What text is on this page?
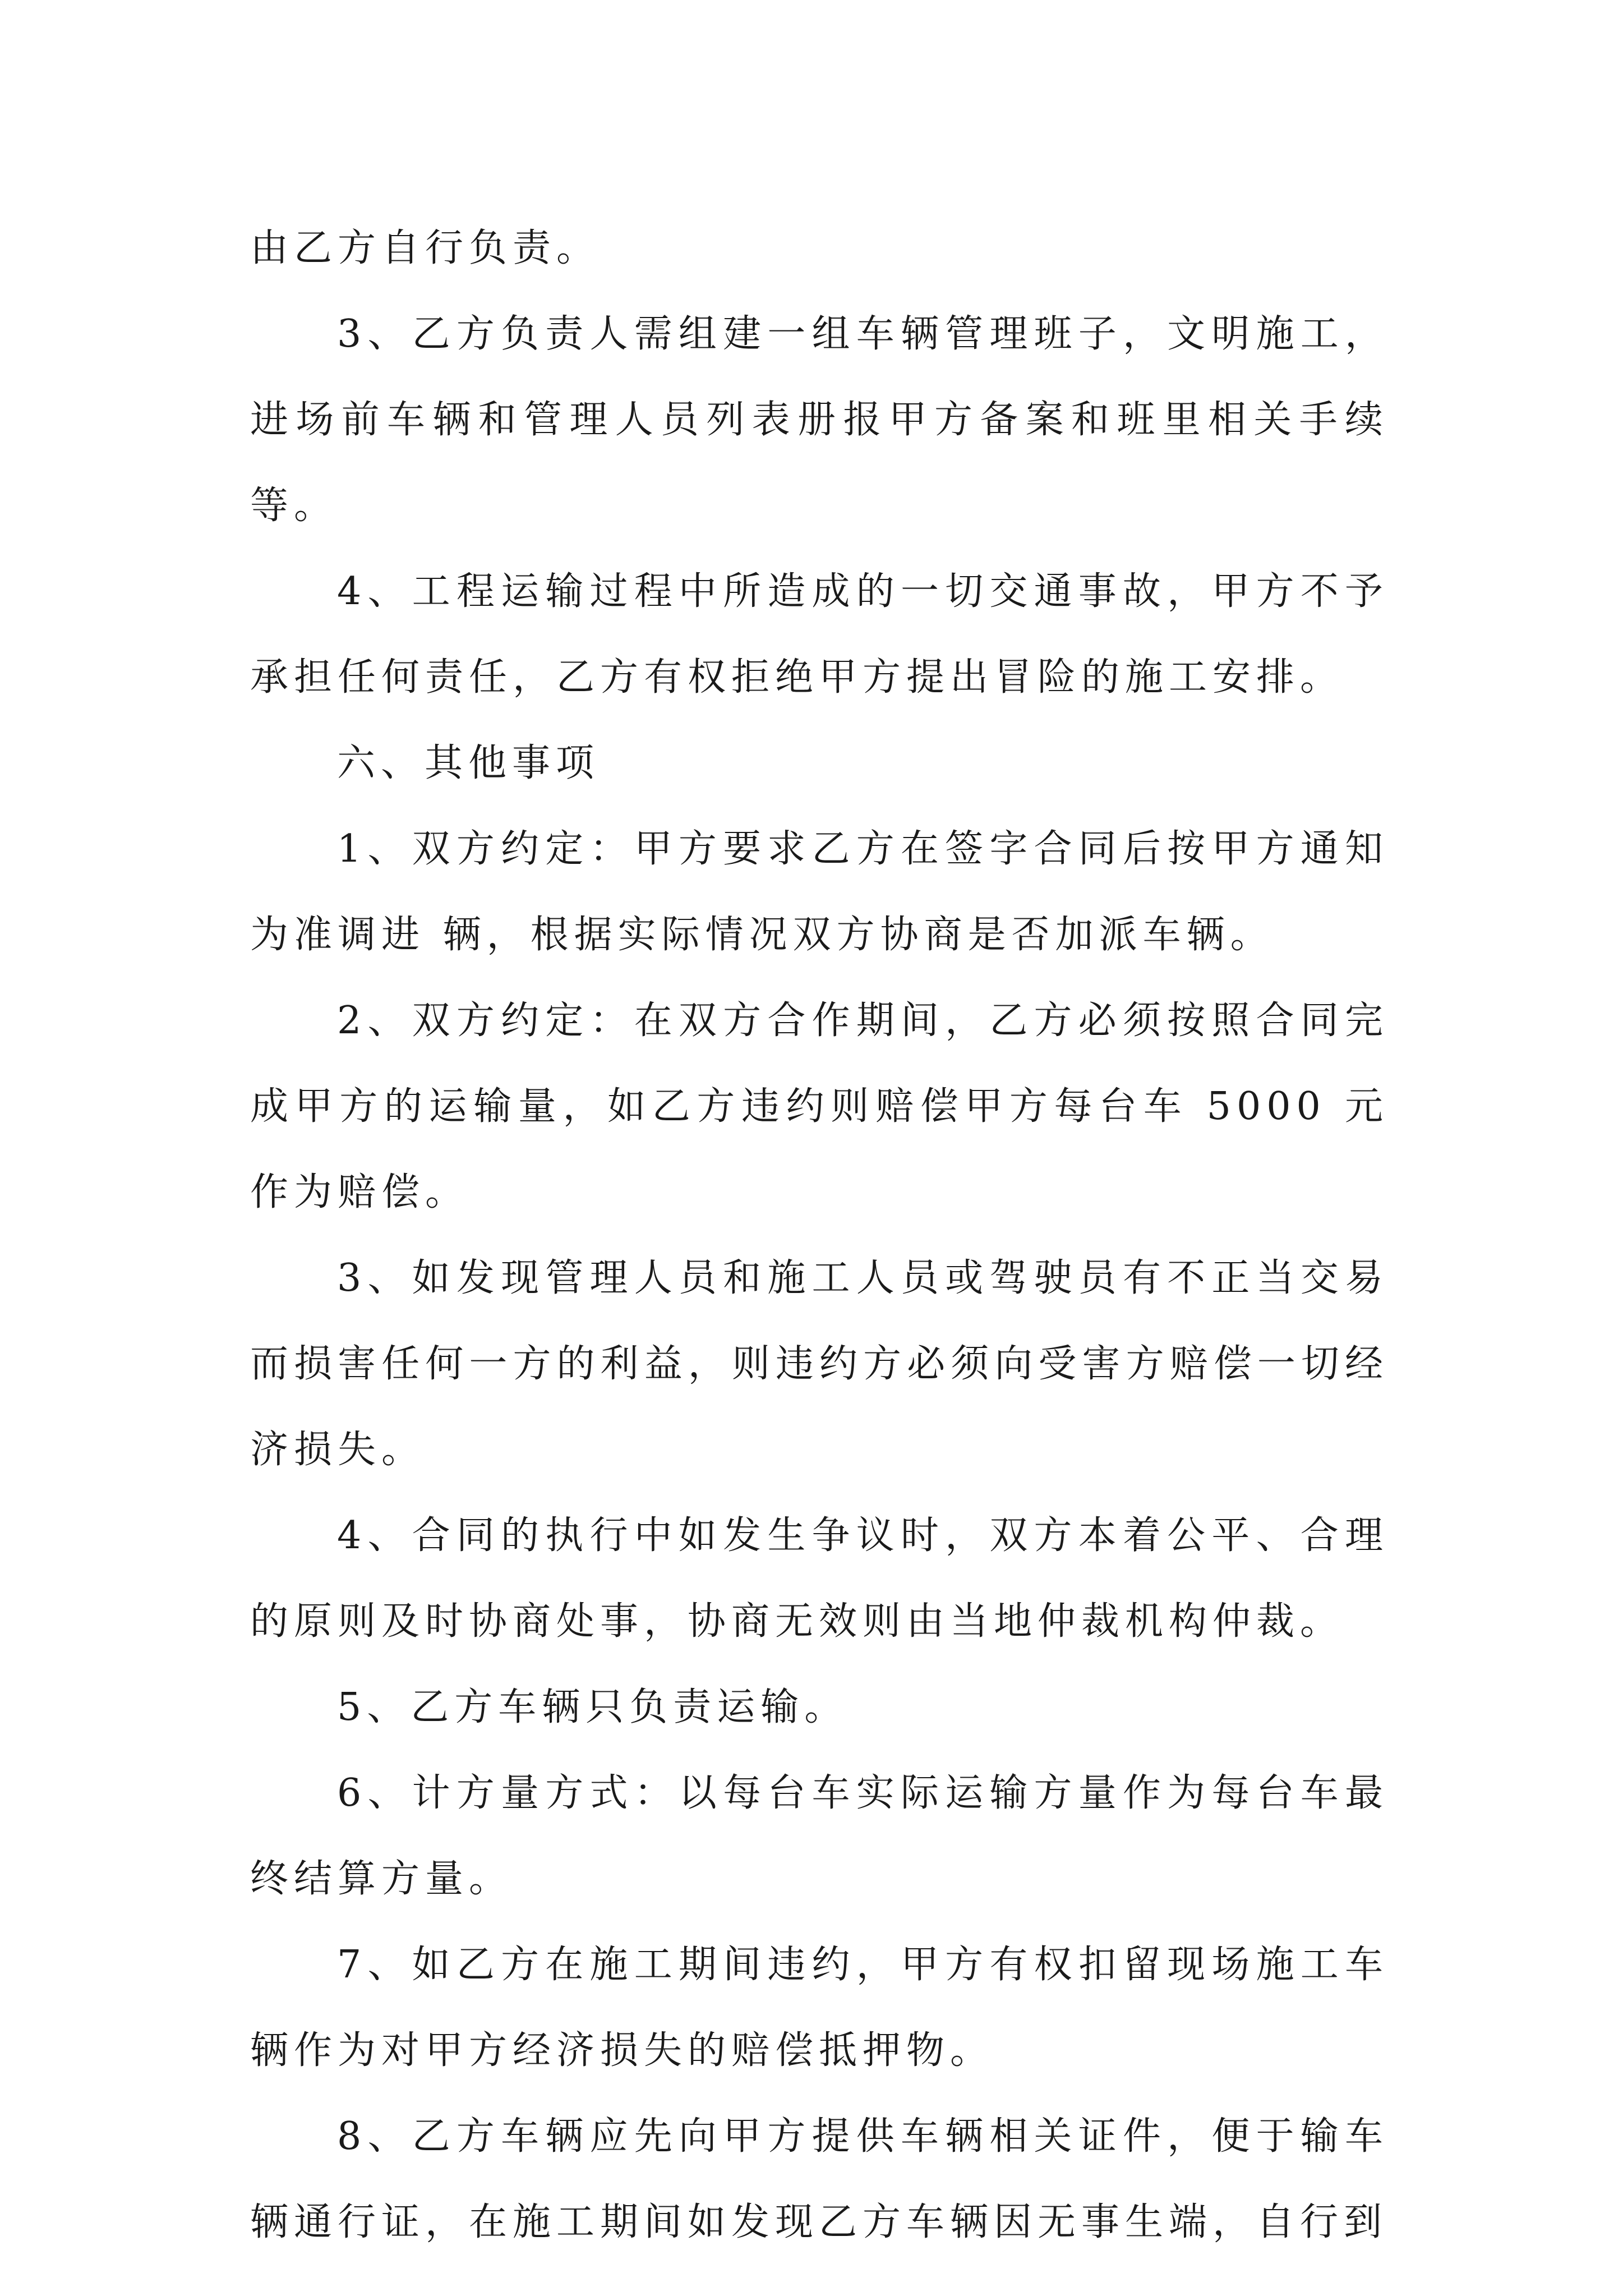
由乙方自行负责。

3、乙方负责人需组建一组车辆管理班子，文明施工，进场前车辆和管理人员列表册报甲方备案和班里相关手续等。

4、工程运输过程中所造成的一切交通事故，甲方不予承担任何责任，乙方有权拒绝甲方提出冒险的施工安排。

六、其他事项

1、双方约定：甲方要求乙方在签字合同后按甲方通知为准调进 辆，根据实际情况双方协商是否加派车辆。

2、双方约定：在双方合作期间，乙方必须按照合同完成甲方的运输量，如乙方违约则赔偿甲方每台车 5000 元作为赔偿。

3、如发现管理人员和施工人员或驾驶员有不正当交易而损害任何一方的利益，则违约方必须向受害方赔偿一切经济损失。

4、合同的执行中如发生争议时，双方本着公平、合理的原则及时协商处事，协商无效则由当地仲裁机构仲裁。

5、乙方车辆只负责运输。

6、计方量方式：以每台车实际运输方量作为每台车最终结算方量。

7、如乙方在施工期间违约，甲方有权扣留现场施工车辆作为对甲方经济损失的赔偿抵押物。

8、乙方车辆应先向甲方提供车辆相关证件，便于输车辆通行证，在施工期间如发现乙方车辆因无事生端，自行到
